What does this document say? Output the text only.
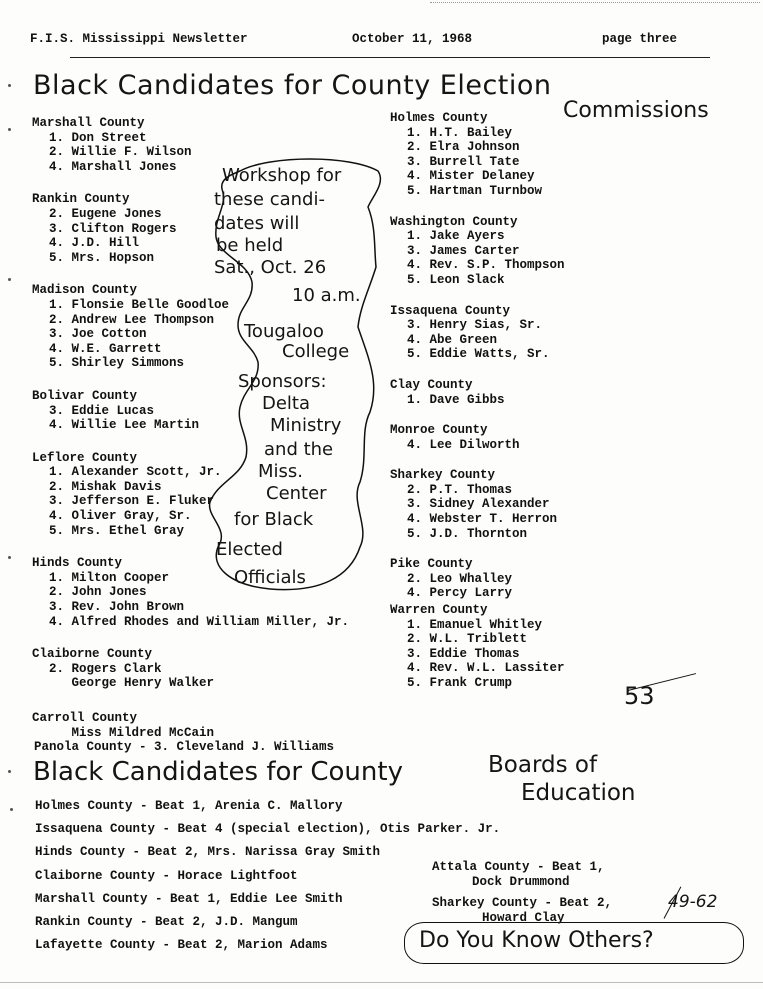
F.I.S. Mississippi Newsletter	October 11, 1968	page three
Black Candidates for County Election
Commissions

Marshall County

1. Don Street

2. Willie F. Wilson

4. Marshall Jones

Rankin County

2. Eugene Jones

3. Clifton Rogers

4. J.D. Hill

5. Mrs. Hopson

Madison County

1. Flonsie Belle Goodloe

2. Andrew Lee Thompson

3. Joe Cotton

4. W.E. Garrett

5. Shirley Simmons

Bolivar County

3. Eddie Lucas

4. Willie Lee Martin

Leflore County

1. Alexander Scott, Jr.

2. Mishak Davis

3. Jefferson E. Fluker

4. Oliver Gray, Sr.

5. Mrs. Ethel Gray

Hinds County

1. Milton Cooper

2. John Jones

3. Rev. John Brown

4. Alfred Rhodes and William Miller, Jr.

Claiborne County

2. Rogers Clark

George Henry Walker

Carroll County

Miss Mildred McCain

Holmes County

1. H.T. Bailey

2. Elra Johnson

3. Burrell Tate

4. Mister Delaney

5. Hartman Turnbow

Washington County

1. Jake Ayers

3. James Carter

4. Rev. S.P. Thompson

5. Leon Slack

Issaquena County

3. Henry Sias, Sr.

4. Abe Green

5. Eddie Watts, Sr.

Clay County

1. Dave Gibbs

Monroe County

4. Lee Dilworth

Sharkey County

2. P.T. Thomas

3. Sidney Alexander

4. Webster T. Herron

5. J.D. Thornton

Pike County

2. Leo Whalley

4. Percy Larry

Warren County

1. Emanuel Whitley

2. W.L. Triblett

3. Eddie Thomas

4. Rev. W.L. Lassiter

5. Frank Crump

Workshop for
these candi-
dates will
be held
Sat., Oct. 26
10 a.m.
Tougaloo
College
Sponsors:
Delta
Ministry
and the
Miss.
Center
for Black
Elected
Officials
53
Panola County - 3. Cleveland J. Williams
Black Candidates for County	Boards of
Education

Holmes County - Beat 1, Arenia C. Mallory

Issaquena County - Beat 4 (special election), Otis Parker. Jr.

Hinds County - Beat 2, Mrs. Narissa Gray Smith

Claiborne County - Horace Lightfoot

Marshall County - Beat 1, Eddie Lee Smith

Rankin County - Beat 2, J.D. Mangum

Lafayette County - Beat 2, Marion Adams

Attala County - Beat 1,

Dock Drummond

Sharkey County - Beat 2,

Howard Clay

49-62
Do You Know Others?
